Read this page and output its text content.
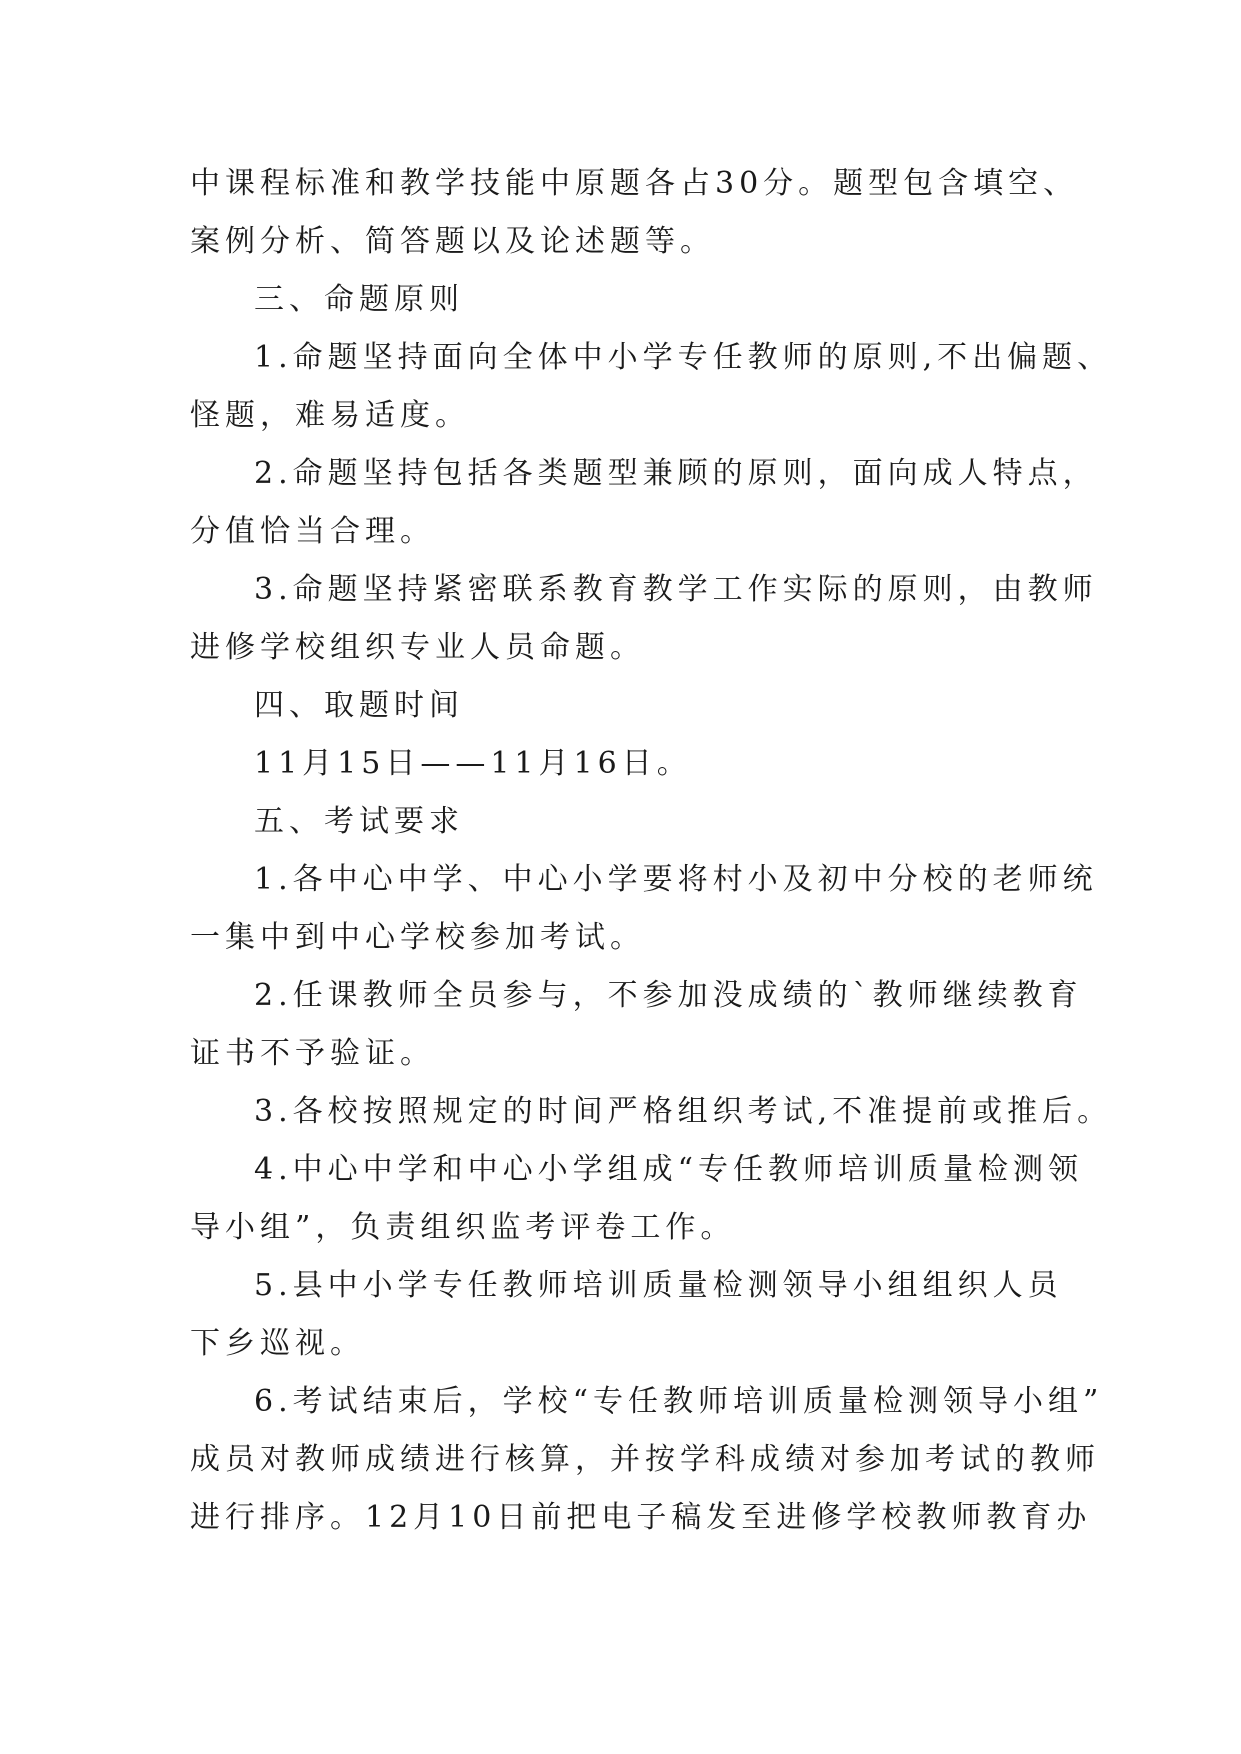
中课程标准和教学技能中原题各占30分。题型包含填空、
案例分析、简答题以及论述题等。
三、命题原则
1.命题坚持面向全体中小学专任教师的原则,不出偏题、
怪题，难易适度。
2.命题坚持包括各类题型兼顾的原则，面向成人特点，
分值恰当合理。
3.命题坚持紧密联系教育教学工作实际的原则，由教师
进修学校组织专业人员命题。
四、取题时间
11月15日——11月16日。
五、考试要求
1.各中心中学、中心小学要将村小及初中分校的老师统
一集中到中心学校参加考试。
2.任课教师全员参与，不参加没成绩的`教师继续教育
证书不予验证。
3.各校按照规定的时间严格组织考试,不准提前或推后。
4.中心中学和中心小学组成“专任教师培训质量检测领
导小组”，负责组织监考评卷工作。
5.县中小学专任教师培训质量检测领导小组组织人员
下乡巡视。
6.考试结束后，学校“专任教师培训质量检测领导小组”
成员对教师成绩进行核算，并按学科成绩对参加考试的教师
进行排序。12月10日前把电子稿发至进修学校教师教育办
